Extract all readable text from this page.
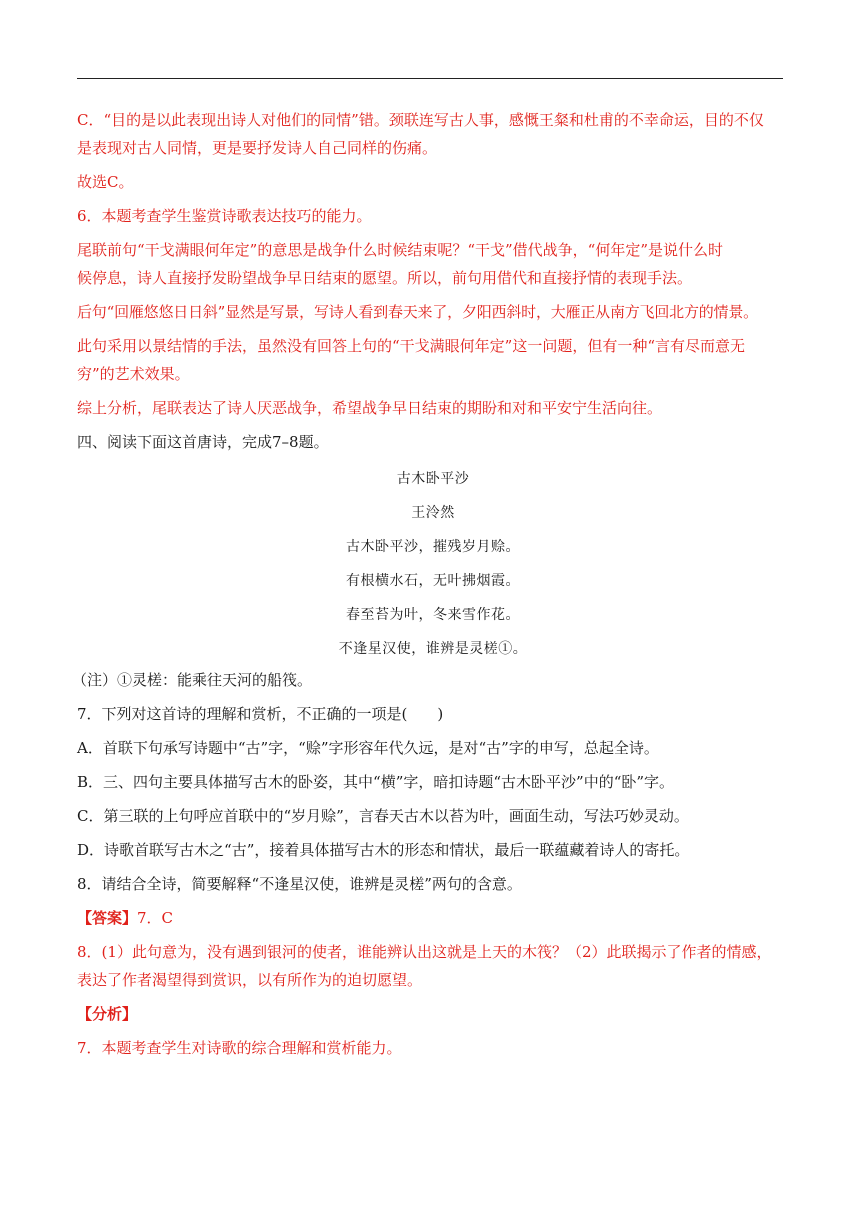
C．“目的是以此表现出诗人对他们的同情”错。颈联连写古人事，感慨王粲和杜甫的不幸命运，目的不仅

是表现对古人同情，更是要抒发诗人自己同样的伤痛。

故选C。

6．本题考查学生鉴赏诗歌表达技巧的能力。

尾联前句“干戈满眼何年定”的意思是战争什么时候结束呢？“干戈”借代战争，“何年定”是说什么时

候停息，诗人直接抒发盼望战争早日结束的愿望。所以，前句用借代和直接抒情的表现手法。

后句“回雁悠悠日日斜”显然是写景，写诗人看到春天来了，夕阳西斜时，大雁正从南方飞回北方的情景。

此句采用以景结情的手法，虽然没有回答上句的“干戈满眼何年定”这一问题，但有一种“言有尽而意无

穷”的艺术效果。

综上分析，尾联表达了诗人厌恶战争，希望战争早日结束的期盼和对和平安宁生活向往。

四、阅读下面这首唐诗，完成7–8题。

古木卧平沙

王泠然

古木卧平沙，摧残岁月赊。

有根横水石，无叶拂烟霞。

春至苔为叶，冬来雪作花。

不逢星汉使，谁辨是灵槎①。

（注）①灵槎：能乘往天河的船筏。

7．下列对这首诗的理解和赏析，不正确的一项是(　　)

A．首联下句承写诗题中“古”字，“赊”字形容年代久远，是对“古”字的申写，总起全诗。

B．三、四句主要具体描写古木的卧姿，其中“横”字，暗扣诗题“古木卧平沙”中的“卧”字。

C．第三联的上句呼应首联中的“岁月赊”，言春天古木以苔为叶，画面生动，写法巧妙灵动。

D．诗歌首联写古木之“古”，接着具体描写古木的形态和情状，最后一联蕴藏着诗人的寄托。

8．请结合全诗，简要解释“不逢星汉使，谁辨是灵槎”两句的含意。

【答案】7．C

8．(1）此句意为，没有遇到银河的使者，谁能辨认出这就是上天的木筏？（2）此联揭示了作者的情感，

表达了作者渴望得到赏识，以有所作为的迫切愿望。

【分析】

7．本题考查学生对诗歌的综合理解和赏析能力。
